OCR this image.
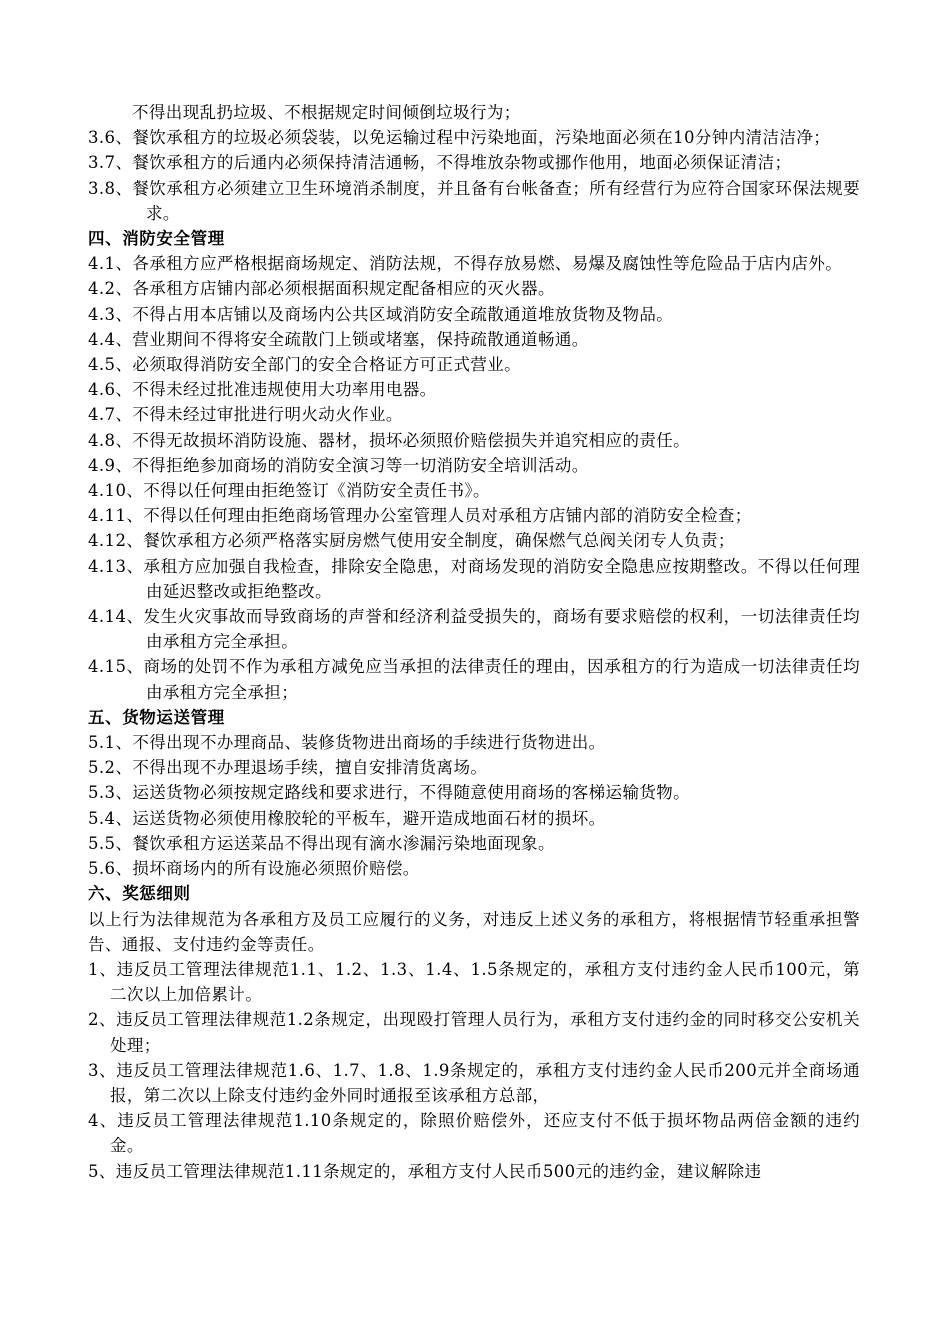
不得出现乱扔垃圾、不根据规定时间倾倒垃圾行为；

3.6、餐饮承租方的垃圾必须袋装，以免运输过程中污染地面，污染地面必须在10分钟内清洁洁净；

3.7、餐饮承租方的后通内必须保持清洁通畅，不得堆放杂物或挪作他用，地面必须保证清洁；

3.8、餐饮承租方必须建立卫生环境消杀制度，并且备有台帐备查；所有经营行为应符合国家环保法规要求。

四、消防安全管理

4.1、各承租方应严格根据商场规定、消防法规，不得存放易燃、易爆及腐蚀性等危险品于店内店外。

4.2、各承租方店铺内部必须根据面积规定配备相应的灭火器。

4.3、不得占用本店铺以及商场内公共区域消防安全疏散通道堆放货物及物品。

4.4、营业期间不得将安全疏散门上锁或堵塞，保持疏散通道畅通。

4.5、必须取得消防安全部门的安全合格证方可正式营业。

4.6、不得未经过批准违规使用大功率用电器。

4.7、不得未经过审批进行明火动火作业。

4.8、不得无故损坏消防设施、器材，损坏必须照价赔偿损失并追究相应的责任。

4.9、不得拒绝参加商场的消防安全演习等一切消防安全培训活动。

4.10、不得以任何理由拒绝签订《消防安全责任书》。

4.11、不得以任何理由拒绝商场管理办公室管理人员对承租方店铺内部的消防安全检查；

4.12、餐饮承租方必须严格落实厨房燃气使用安全制度，确保燃气总阀关闭专人负责；

4.13、承租方应加强自我检查，排除安全隐患，对商场发现的消防安全隐患应按期整改。不得以任何理由延迟整改或拒绝整改。

4.14、发生火灾事故而导致商场的声誉和经济利益受损失的，商场有要求赔偿的权利，一切法律责任均由承租方完全承担。

4.15、商场的处罚不作为承租方减免应当承担的法律责任的理由，因承租方的行为造成一切法律责任均由承租方完全承担；

五、货物运送管理

5.1、不得出现不办理商品、装修货物进出商场的手续进行货物进出。

5.2、不得出现不办理退场手续，擅自安排清货离场。

5.3、运送货物必须按规定路线和要求进行，不得随意使用商场的客梯运输货物。

5.4、运送货物必须使用橡胶轮的平板车，避开造成地面石材的损坏。

5.5、餐饮承租方运送菜品不得出现有滴水渗漏污染地面现象。

5.6、损坏商场内的所有设施必须照价赔偿。

六、奖惩细则

以上行为法律规范为各承租方及员工应履行的义务，对违反上述义务的承租方，将根据情节轻重承担警告、通报、支付违约金等责任。

1、违反员工管理法律规范1.1、1.2、1.3、1.4、1.5条规定的，承租方支付违约金人民币100元，第二次以上加倍累计。

2、违反员工管理法律规范1.2条规定，出现殴打管理人员行为，承租方支付违约金的同时移交公安机关处理；

3、违反员工管理法律规范1.6、1.7、1.8、1.9条规定的，承租方支付违约金人民币200元并全商场通报，第二次以上除支付违约金外同时通报至该承租方总部，

4、违反员工管理法律规范1.10条规定的，除照价赔偿外，还应支付不低于损坏物品两倍金额的违约金。

5、违反员工管理法律规范1.11条规定的，承租方支付人民币500元的违约金，建议解除违
